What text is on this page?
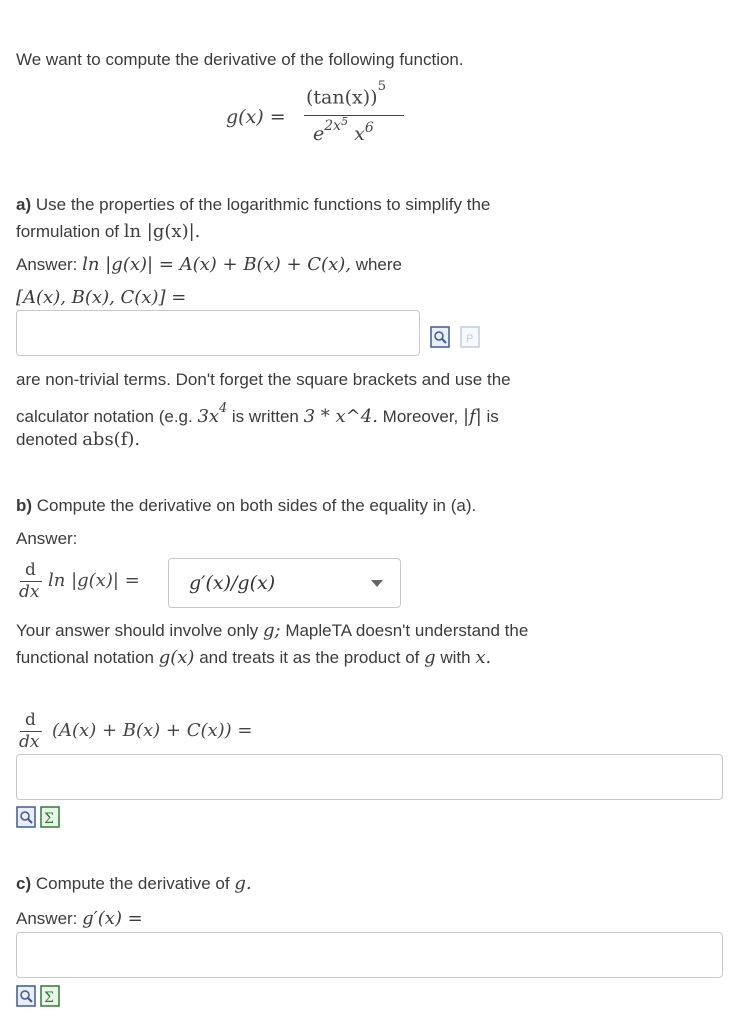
We want to compute the derivative of the following function.
g(x) =
$(\tan(x))^5$
$e^{2x^5}$ $x^6$
a) Use the properties of the logarithmic functions to simplify the
formulation of ln |g(x)|.
Answer: ln |g(x)| = A(x) + B(x) + C(x), where
[A(x), B(x), C(x)] =
P
are non-trivial terms. Don't forget the square brackets and use the
calculator notation (e.g. $3x^4$ is written 3 * x^4. Moreover, |f| is
denoted abs(f).
b) Compute the derivative on both sides of the equality in (a).
Answer:
d
dx
ln |g(x)| =	g′(x)/g(x)
Your answer should involve only g; MapleTA doesn't understand the
functional notation g(x) and treats it as the product of g with x.
d
dx
(A(x) + B(x) + C(x)) =
Σ
c) Compute the derivative of g.
Answer: g′(x) =
Σ
